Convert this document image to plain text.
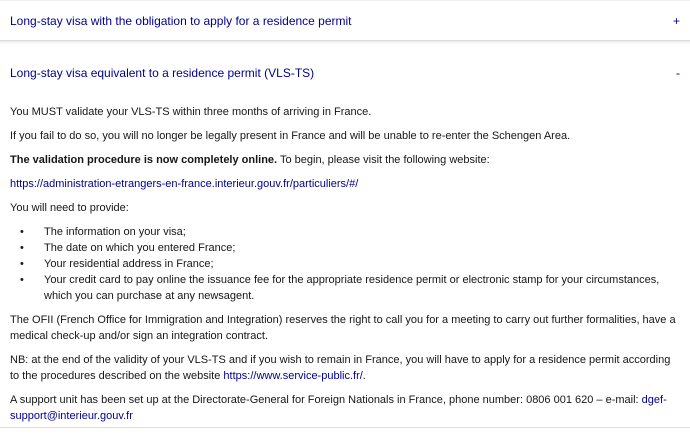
Long-stay visa with the obligation to apply for a residence permit	+
Long-stay visa equivalent to a residence permit (VLS-TS)	-

You MUST validate your VLS-TS within three months of arriving in France.

If you fail to do so, you will no longer be legally present in France and will be unable to re-enter the Schengen Area.

The validation procedure is now completely online. To begin, please visit the following website:

https://administration-etrangers-en-france.interieur.gouv.fr/particuliers/#/

You will need to provide:

• The information on your visa;
• The date on which you entered France;
• Your residential address in France;
• Your credit card to pay online the issuance fee for the appropriate residence permit or electronic stamp for your circumstances, which you can purchase at any newsagent.

The OFII (French Office for Immigration and Integration) reserves the right to call you for a meeting to carry out further formalities, have a medical check-up and/or sign an integration contract.

NB: at the end of the validity of your VLS-TS and if you wish to remain in France, you will have to apply for a residence permit according to the procedures described on the website https://www.service-public.fr/.

A support unit has been set up at the Directorate-General for Foreign Nationals in France, phone number: 0806 001 620 – e-mail: dgef-support@interieur.gouv.fr
